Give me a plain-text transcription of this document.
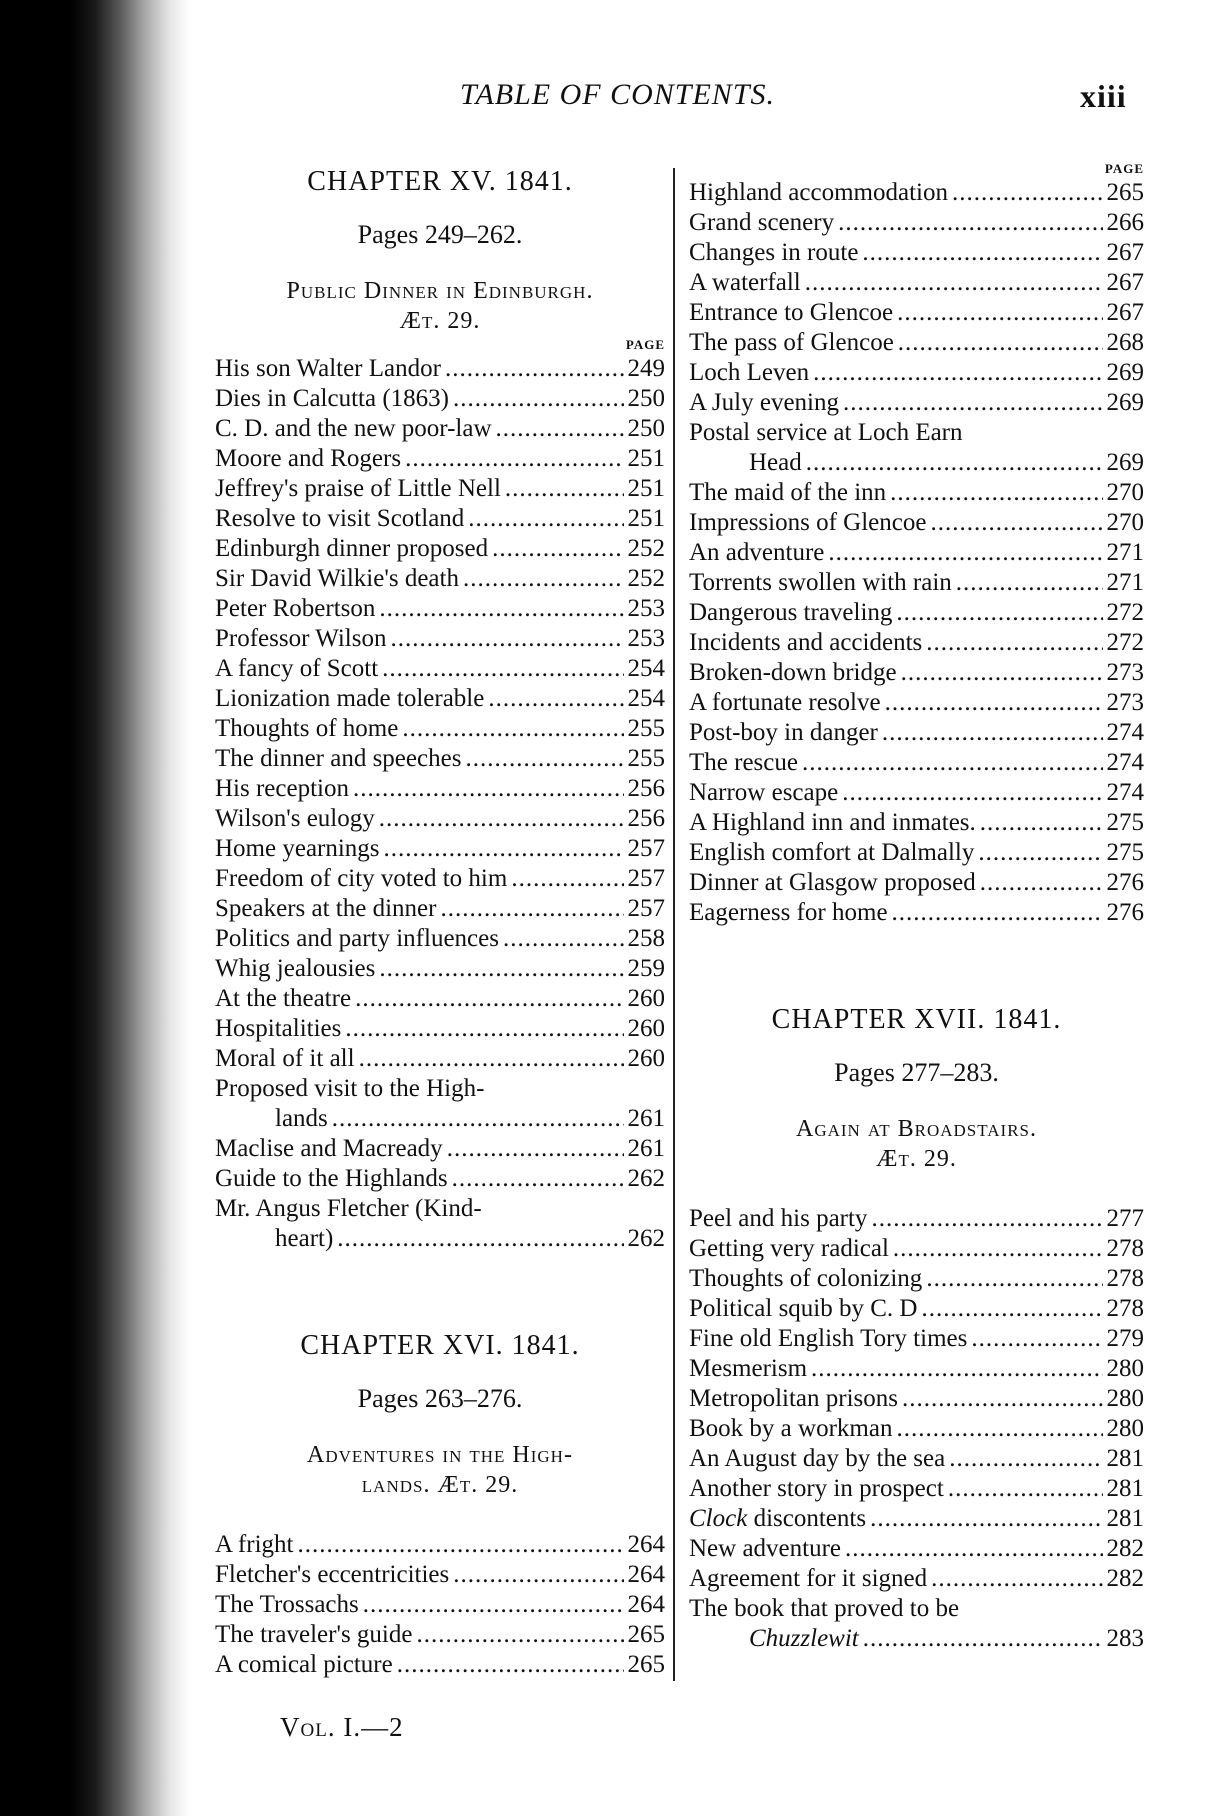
TABLE OF CONTENTS.	xiii
CHAPTER XV. 1841.
Pages 249–262.
Public Dinner in Edinburgh.
Æt. 29.
PAGE
His son Walter Landor .....	249
Dies in Calcutta (1863) .....	250
C. D. and the new poor-law .....	250
Moore and Rogers .....	251
Jeffrey's praise of Little Nell .....	251
Resolve to visit Scotland .....	251
Edinburgh dinner proposed .....	252
Sir David Wilkie's death .....	252
Peter Robertson .....	253
Professor Wilson .....	253
A fancy of Scott .....	254
Lionization made tolerable .....	254
Thoughts of home .....	255
The dinner and speeches .....	255
His reception .....	256
Wilson's eulogy .....	256
Home yearnings .....	257
Freedom of city voted to him .....	257
Speakers at the dinner .....	257
Politics and party influences .....	258
Whig jealousies .....	259
At the theatre .....	260
Hospitalities .....	260
Moral of it all .....	260
Proposed visit to the High-
lands .....	261
Maclise and Macready .....	261
Guide to the Highlands .....	262
Mr. Angus Fletcher (Kind-
heart) .....	262
CHAPTER XVI. 1841.
Pages 263–276.
Adventures in the High-
lands. Æt. 29.
A fright .....	264
Fletcher's eccentricities .....	264
The Trossachs .....	264
The traveler's guide .....	265
A comical picture .....	265
Vol. I.—2
PAGE
Highland accommodation .....	265
Grand scenery .....	266
Changes in route .....	267
A waterfall .....	267
Entrance to Glencoe .....	267
The pass of Glencoe .....	268
Loch Leven .....	269
A July evening .....	269
Postal service at Loch Earn
Head .....	269
The maid of the inn .....	270
Impressions of Glencoe .....	270
An adventure .....	271
Torrents swollen with rain .....	271
Dangerous traveling .....	272
Incidents and accidents .....	272
Broken-down bridge .....	273
A fortunate resolve .....	273
Post-boy in danger .....	274
The rescue .....	274
Narrow escape .....	274
A Highland inn and inmates. .....	275
English comfort at Dalmally .....	275
Dinner at Glasgow proposed .....	276
Eagerness for home .....	276
CHAPTER XVII. 1841.
Pages 277–283.
Again at Broadstairs.
Æt. 29.
Peel and his party .....	277
Getting very radical .....	278
Thoughts of colonizing .....	278
Political squib by C. D .....	278
Fine old English Tory times .....	279
Mesmerism .....	280
Metropolitan prisons .....	280
Book by a workman .....	280
An August day by the sea .....	281
Another story in prospect .....	281
Clock discontents .....	281
New adventure .....	282
Agreement for it signed .....	282
The book that proved to be
Chuzzlewit .....	283
